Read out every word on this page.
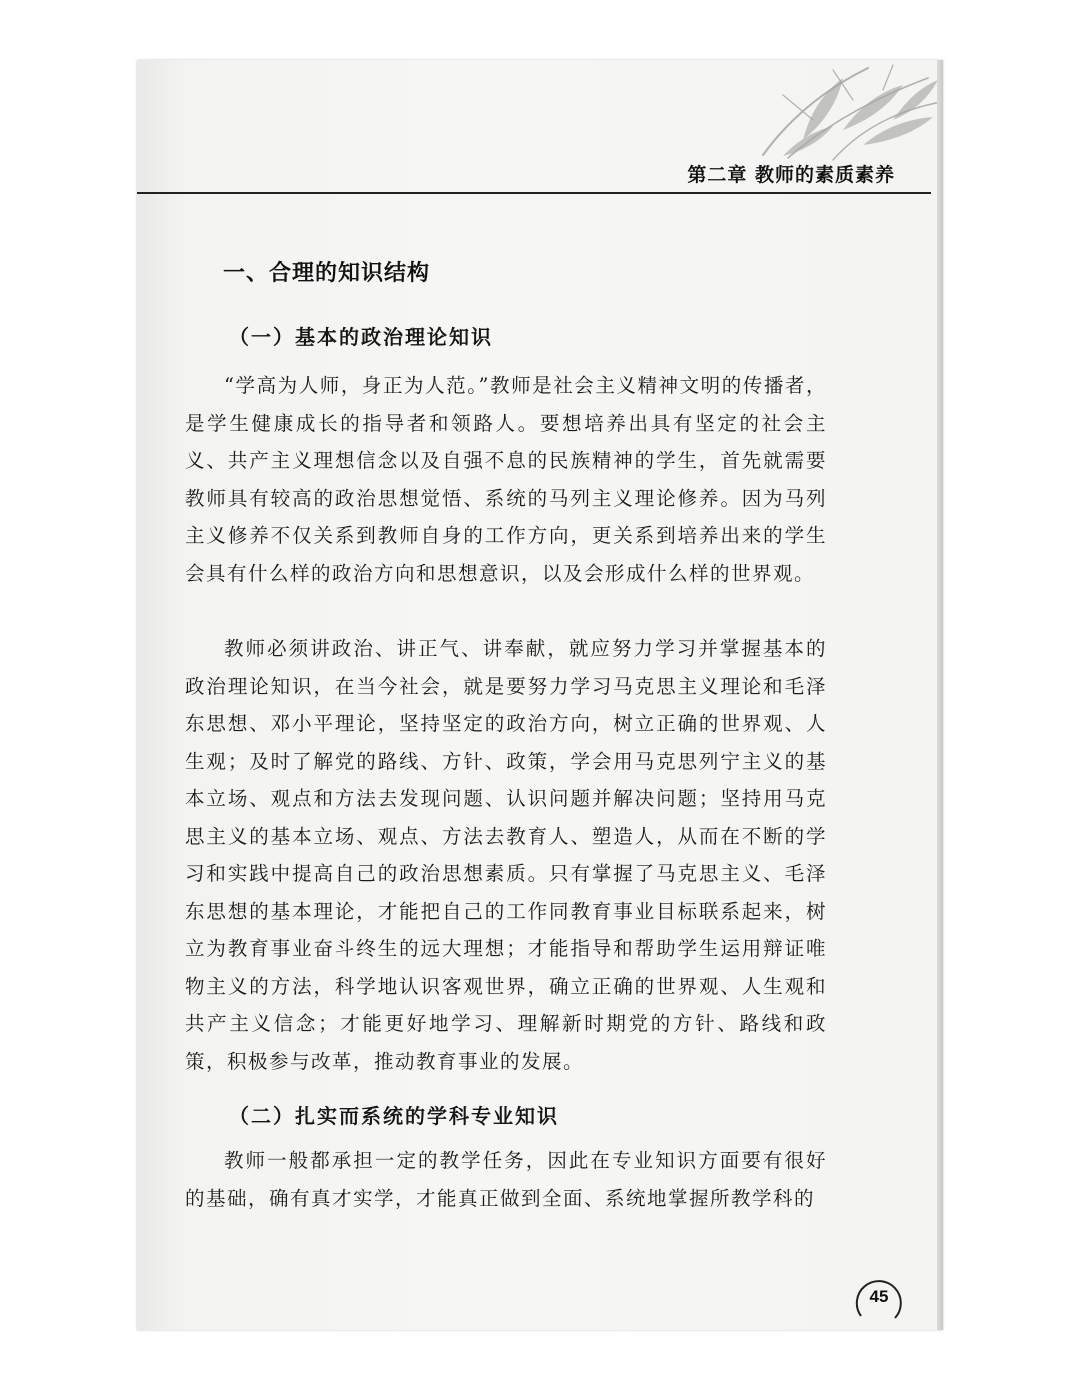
第二章 教师的素质素养
一、合理的知识结构
（一）基本的政治理论知识

“学高为人师，身正为人范。”教师是社会主义精神文明的传播者，是学生健康成长的指导者和领路人。要想培养出具有坚定的社会主义、共产主义理想信念以及自强不息的民族精神的学生，首先就需要教师具有较高的政治思想觉悟、系统的马列主义理论修养。因为马列主义修养不仅关系到教师自身的工作方向，更关系到培养出来的学生会具有什么样的政治方向和思想意识，以及会形成什么样的世界观。

教师必须讲政治、讲正气、讲奉献，就应努力学习并掌握基本的政治理论知识，在当今社会，就是要努力学习马克思主义理论和毛泽东思想、邓小平理论，坚持坚定的政治方向，树立正确的世界观、人生观；及时了解党的路线、方针、政策，学会用马克思列宁主义的基本立场、观点和方法去发现问题、认识问题并解决问题；坚持用马克思主义的基本立场、观点、方法去教育人、塑造人，从而在不断的学习和实践中提高自己的政治思想素质。只有掌握了马克思主义、毛泽东思想的基本理论，才能把自己的工作同教育事业目标联系起来，树立为教育事业奋斗终生的远大理想；才能指导和帮助学生运用辩证唯物主义的方法，科学地认识客观世界，确立正确的世界观、人生观和共产主义信念；才能更好地学习、理解新时期党的方针、路线和政策，积极参与改革，推动教育事业的发展。

（二）扎实而系统的学科专业知识

教师一般都承担一定的教学任务，因此在专业知识方面要有很好的基础，确有真才实学，才能真正做到全面、系统地掌握所教学科的

45
